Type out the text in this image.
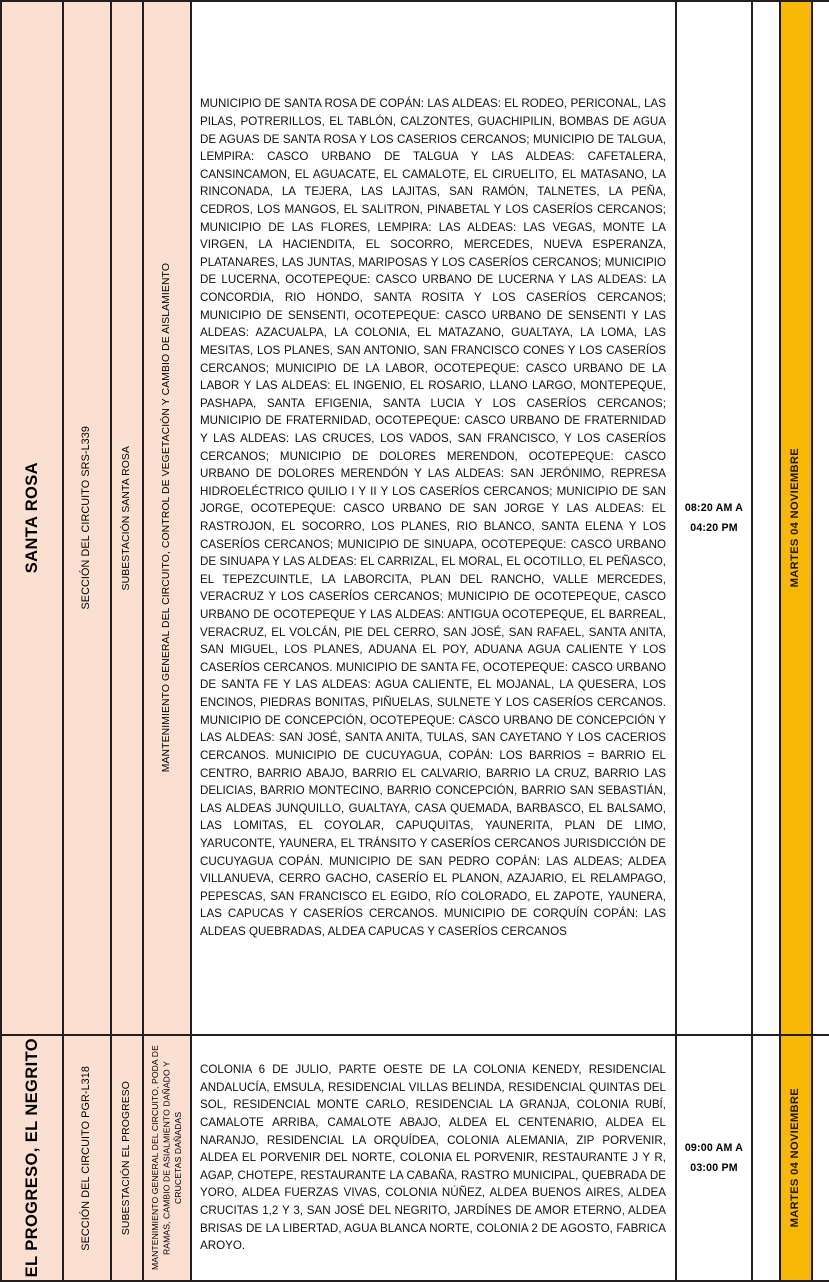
SANTA ROSA	SECCIÓN DEL CIRCUITO SRS-L339	SUBESTACIÓN SANTA ROSA	MANTENIMIENTO GENERAL DEL CIRCUITO, CONTROL DE VEGETACIÓN Y CAMBIO DE AISLAMIENTO	MUNICIPIO DE SANTA ROSA DE COPÁN: LAS ALDEAS: EL RODEO, PERICONAL, LAS PILAS, POTRERILLOS, EL TABLÓN, CALZONTES, GUACHIPILIN, BOMBAS DE AGUA DE AGUAS DE SANTA ROSA Y LOS CASERIOS CERCANOS; MUNICIPIO DE TALGUA, LEMPIRA: CASCO URBANO DE TALGUA Y LAS ALDEAS: CAFETALERA, CANSINCAMON, EL AGUACATE, EL CAMALOTE, EL CIRUELITO, EL MATASANO, LA RINCONADA, LA TEJERA, LAS LAJITAS, SAN RAMÓN, TALNETES, LA PEÑA, CEDROS, LOS MANGOS, EL SALITRON, PINABETAL Y LOS CASERÍOS CERCANOS; MUNICIPIO DE LAS FLORES, LEMPIRA: LAS ALDEAS: LAS VEGAS, MONTE LA VIRGEN, LA HACIENDITA, EL SOCORRO, MERCEDES, NUEVA ESPERANZA, PLATANARES, LAS JUNTAS, MARIPOSAS Y LOS CASERÍOS CERCANOS; MUNICIPIO DE LUCERNA, OCOTEPEQUE: CASCO URBANO DE LUCERNA Y LAS ALDEAS: LA CONCORDIA, RIO HONDO, SANTA ROSITA Y LOS CASERÍOS CERCANOS; MUNICIPIO DE SENSENTI, OCOTEPEQUE: CASCO URBANO DE SENSENTI Y LAS ALDEAS: AZACUALPA, LA COLONIA, EL MATAZANO, GUALTAYA, LA LOMA, LAS MESITAS, LOS PLANES, SAN ANTONIO, SAN FRANCISCO CONES Y LOS CASERÍOS CERCANOS; MUNICIPIO DE LA LABOR, OCOTEPEQUE: CASCO URBANO DE LA LABOR Y LAS ALDEAS: EL INGENIO, EL ROSARIO, LLANO LARGO, MONTEPEQUE, PASHAPA, SANTA EFIGENIA, SANTA LUCIA Y LOS CASERÍOS CERCANOS; MUNICIPIO DE FRATERNIDAD, OCOTEPEQUE: CASCO URBANO DE FRATERNIDAD Y LAS ALDEAS: LAS CRUCES, LOS VADOS, SAN FRANCISCO, Y LOS CASERÍOS CERCANOS; MUNICIPIO DE DOLORES MERENDON, OCOTEPEQUE: CASCO URBANO DE DOLORES MERENDÓN Y LAS ALDEAS: SAN JERÓNIMO, REPRESA HIDROELÉCTRICO QUILIO I Y II Y LOS CASERÍOS CERCANOS; MUNICIPIO DE SAN JORGE, OCOTEPEQUE: CASCO URBANO DE SAN JORGE Y LAS ALDEAS: EL RASTROJON, EL SOCORRO, LOS PLANES, RIO BLANCO, SANTA ELENA Y LOS CASERÍOS CERCANOS; MUNICIPIO DE SINUAPA, OCOTEPEQUE: CASCO URBANO DE SINUAPA Y LAS ALDEAS: EL CARRIZAL, EL MORAL, EL OCOTILLO, EL PEÑASCO, EL TEPEZCUINTLE, LA LABORCITA, PLAN DEL RANCHO, VALLE MERCEDES, VERACRUZ Y LOS CASERÍOS CERCANOS; MUNICIPIO DE OCOTEPEQUE, CASCO URBANO DE OCOTEPEQUE Y LAS ALDEAS: ANTIGUA OCOTEPEQUE, EL BARREAL, VERACRUZ, EL VOLCÁN, PIE DEL CERRO, SAN JOSÉ, SAN RAFAEL, SANTA ANITA, SAN MIGUEL, LOS PLANES, ADUANA EL POY, ADUANA AGUA CALIENTE Y LOS CASERÍOS CERCANOS. MUNICIPIO DE SANTA FE, OCOTEPEQUE: CASCO URBANO DE SANTA FE Y LAS ALDEAS: AGUA CALIENTE, EL MOJANAL, LA QUESERA, LOS ENCINOS, PIEDRAS BONITAS, PIÑUELAS, SULNETE Y LOS CASERÍOS CERCANOS. MUNICIPIO DE CONCEPCIÓN, OCOTEPEQUE: CASCO URBANO DE CONCEPCIÓN Y LAS ALDEAS: SAN JOSÉ, SANTA ANITA, TULAS, SAN CAYETANO Y LOS CACERIOS CERCANOS. MUNICIPIO DE CUCUYAGUA, COPÁN: LOS BARRIOS = BARRIO EL CENTRO, BARRIO ABAJO, BARRIO EL CALVARIO, BARRIO LA CRUZ, BARRIO LAS DELICIAS, BARRIO MONTECINO, BARRIO CONCEPCIÓN, BARRIO SAN SEBASTIÁN, LAS ALDEAS JUNQUILLO, GUALTAYA, CASA QUEMADA, BARBASCO, EL BALSAMO, LAS LOMITAS, EL COYOLAR, CAPUQUITAS, YAUNERITA, PLAN DE LIMO, YARUCONTE, YAUNERA, EL TRÁNSITO Y CASERÍOS CERCANOS JURISDICCIÓN DE CUCUYAGUA COPÁN. MUNICIPIO DE SAN PEDRO COPÁN: LAS ALDEAS; ALDEA VILLANUEVA, CERRO GACHO, CASERÍO EL PLANON, AZAJARIO, EL RELAMPAGO, PEPESCAS, SAN FRANCISCO EL EGIDO, RÍO COLORADO, EL ZAPOTE, YAUNERA, LAS CAPUCAS Y CASERÍOS CERCANOS. MUNICIPIO DE CORQUÍN COPÁN: LAS ALDEAS QUEBRADAS, ALDEA CAPUCAS Y CASERÍOS CERCANOS	08:20 AM A
04:20 PM		MARTES 04 NOVIEMBRE	

EL PROGRESO, EL NEGRITO	SECCIÓN DEL CIRCUITO PGR-L318	SUBESTACIÓN EL PROGRESO	MANTENIMIENTO GENERAL DEL CIRCUITO, PODA DE RAMAS, CAMBIO DE ASIALMIENTO DAÑADO Y CRUCETAS DAÑADAS	COLONIA 6 DE JULIO, PARTE OESTE DE LA COLONIA KENEDY, RESIDENCIAL ANDALUCÍA, EMSULA, RESIDENCIAL VILLAS BELINDA, RESIDENCIAL QUINTAS DEL SOL, RESIDENCIAL MONTE CARLO, RESIDENCIAL LA GRANJA, COLONIA RUBÍ, CAMALOTE ARRIBA, CAMALOTE ABAJO, ALDEA EL CENTENARIO, ALDEA EL NARANJO, RESIDENCIAL LA ORQUÍDEA, COLONIA ALEMANIA, ZIP PORVENIR, ALDEA EL PORVENIR DEL NORTE, COLONIA EL PORVENIR, RESTAURANTE J Y R, AGAP, CHOTEPE, RESTAURANTE LA CABAÑA, RASTRO MUNICIPAL, QUEBRADA DE YORO, ALDEA FUERZAS VIVAS, COLONIA NÚÑEZ, ALDEA BUENOS AIRES, ALDEA CRUCITAS 1,2 Y 3, SAN JOSÉ DEL NEGRITO, JARDÍNES DE AMOR ETERNO, ALDEA BRISAS DE LA LIBERTAD, AGUA BLANCA NORTE, COLONIA 2 DE AGOSTO, FABRICA AROYO.	09:00 AM A
03:00 PM		MARTES 04 NOVIEMBRE	
